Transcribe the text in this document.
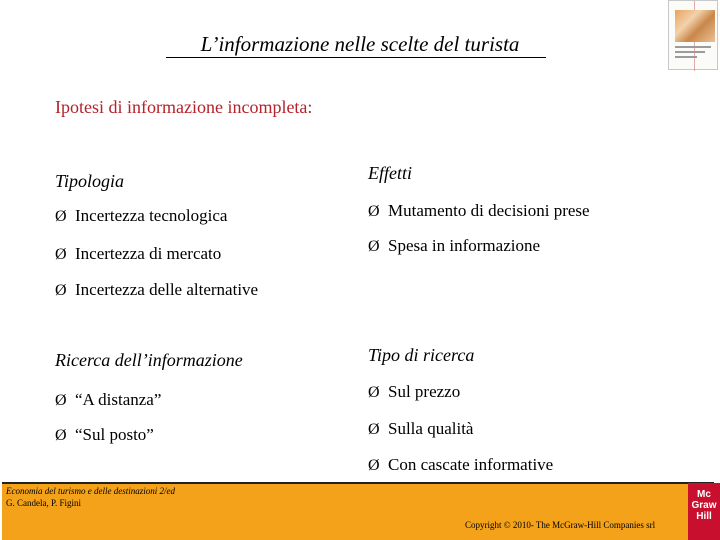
L’informazione nelle scelte del turista
Ipotesi di informazione incompleta:
Tipologia	Effetti
Ø Incertezza tecnologica
Ø Incertezza di mercato
Ø Incertezza delle alternative
Ø Mutamento di decisioni prese
Ø Spesa in informazione
Ricerca dell’informazione	Tipo di ricerca
Ø “A distanza”
Ø “Sul posto”
Ø Sul prezzo
Ø Sulla qualità
Ø Con cascate informative
Economia del turismo e delle destinazioni 2/ed
G. Candela, P. Figini
Copyright © 2010- The McGraw-Hill Companies srl
Mc
Graw
Hill
